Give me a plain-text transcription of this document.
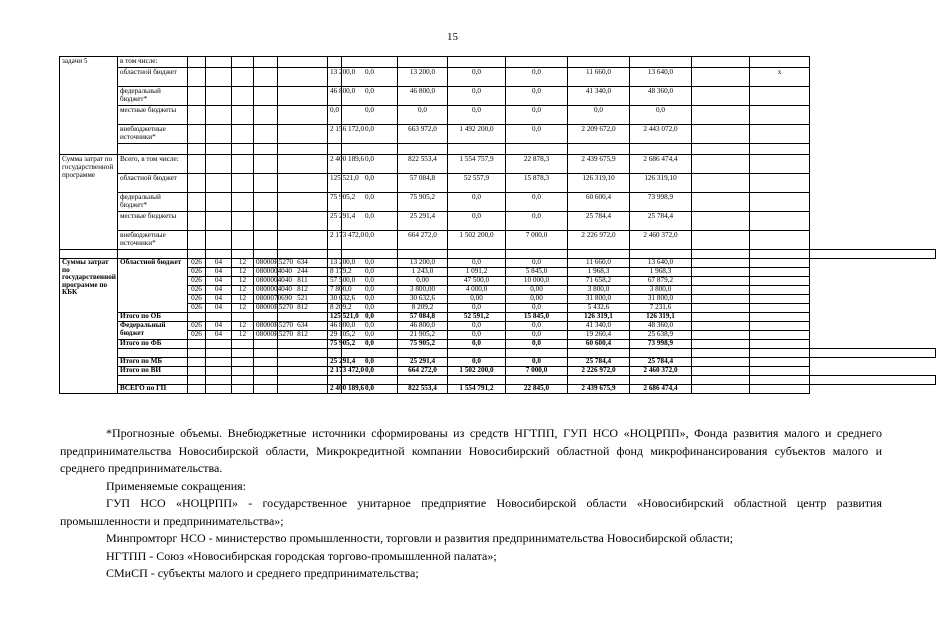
15
задачи 5	в том числе:															
	областной бюджет						13 200,0	0,0	13 200,0	0,0	0,0	11 660,0	13 640,0		x	
	федеральный бюджет*						46 800,0	0,0	46 800,0	0,0	0,0	41 340,0	48 360,0			
	местные бюджеты						0,0	0,0	0,0	0,0	0,0	0,0	0,0			
	внебюджетные источники*						2 156 172,0	0,0	663 972,0	1 492 200,0	0,0	2 209 672,0	2 443 072,0			

Сумма затрат по государственной программе	Всего, в том числе:						2 400 189,6	0,0	822 553,4	1 554 757,9	22 878,3	2 439 675,9	2 686 474,4			
	областной бюджет						125 521,0	0,0	57 084,8	52 557,9	15 878,3	126 319,10	126 319,10			
	федеральный бюджет*						75 905,2	0,0	75 905,2	0,0	0,0	60 600,4	73 998,9			
	местные бюджеты						25 291,4	0,0	25 291,4	0,0	0,0	25 784,4	25 784,4			
	внебюджетные источники*						2 173 472,0	0,0	664 272,0	1 502 200,0	7 000,0	2 226 972,0	2 460 372,0			

Суммы затрат по государственной программе по КБК	Областной бюджет	026	04	12	08000R5270	634	13 200,0	0,0	13 200,0	0,0	0,0	11 660,0	13 640,0			
		026	04	12	0800004040	244	8 179,2	0,0	1 243,0	1 091,2	5 845,0	1 968,3	1 968,3			
		026	04	12	0800004040	811	57 500,0	0,0	0,00	47 500,0	10 000,0	71 658,2	67 879,2			
		026	04	12	0800004040	812	7 800,0	0,0	3 800,00	4 000,0	0,00	3 800,0	3 800,0			
		026	04	12	0800070690	521	30 632,6	0,0	30 632,6	0,00	0,00	31 800,0	31 800,0			
		026	04	12	08000R5270	812	8 209,2	0,0	8 209,2	0,0	0,0	5 432,6	7 231,6			
	Итого по ОБ						125 521,0	0,0	57 084,8	52 591,2	15 845,0	126 319,1	126 319,1			
	Федеральный бюджет	026	04	12	08000R5270	634	46 800,0	0,0	46 800,0	0,0	0,0	41 340,0	48 360,0			
		026	04	12	08000R5270	812	29 105,2	0,0	21 905,2	0,0	0,0	19 260,4	25 638,9			
	Итого по ФБ						75 905,2	0,0	75 905,2	0,0	0,0	60 600,4	73 998,9			

	Итого по МБ						25 291,4	0,0	25 291,4	0,0	0,0	25 784,4	25 784,4			
	Итого по ВИ						2 173 472,0	0,0	664 272,0	1 502 200,0	7 000,0	2 226 972,0	2 460 372,0			

	ВСЕГО по ГП						2 400 189,6	0,0	822 553,4	1 554 791,2	22 845,0	2 439 675,9	2 686 474,4			

*Прогнозные объемы. Внебюджетные источники сформированы из средств НГТПП, ГУП НСО «НОЦРПП», Фонда развития малого и среднего предпринимательства Новосибирской области, Микрокредитной компании Новосибирский областной фонд микрофинансирования субъектов малого и среднего предпринимательства.

Применяемые сокращения:

ГУП НСО «НОЦРПП» - государственное унитарное предприятие Новосибирской области «Новосибирский областной центр развития промышленности и предпринимательства»;

Минпромторг НСО - министерство промышленности, торговли и развития предпринимательства Новосибирской области;

НГТПП - Союз «Новосибирская городская торгово-промышленной палата»;

СМиСП - субъекты малого и среднего предпринимательства;
